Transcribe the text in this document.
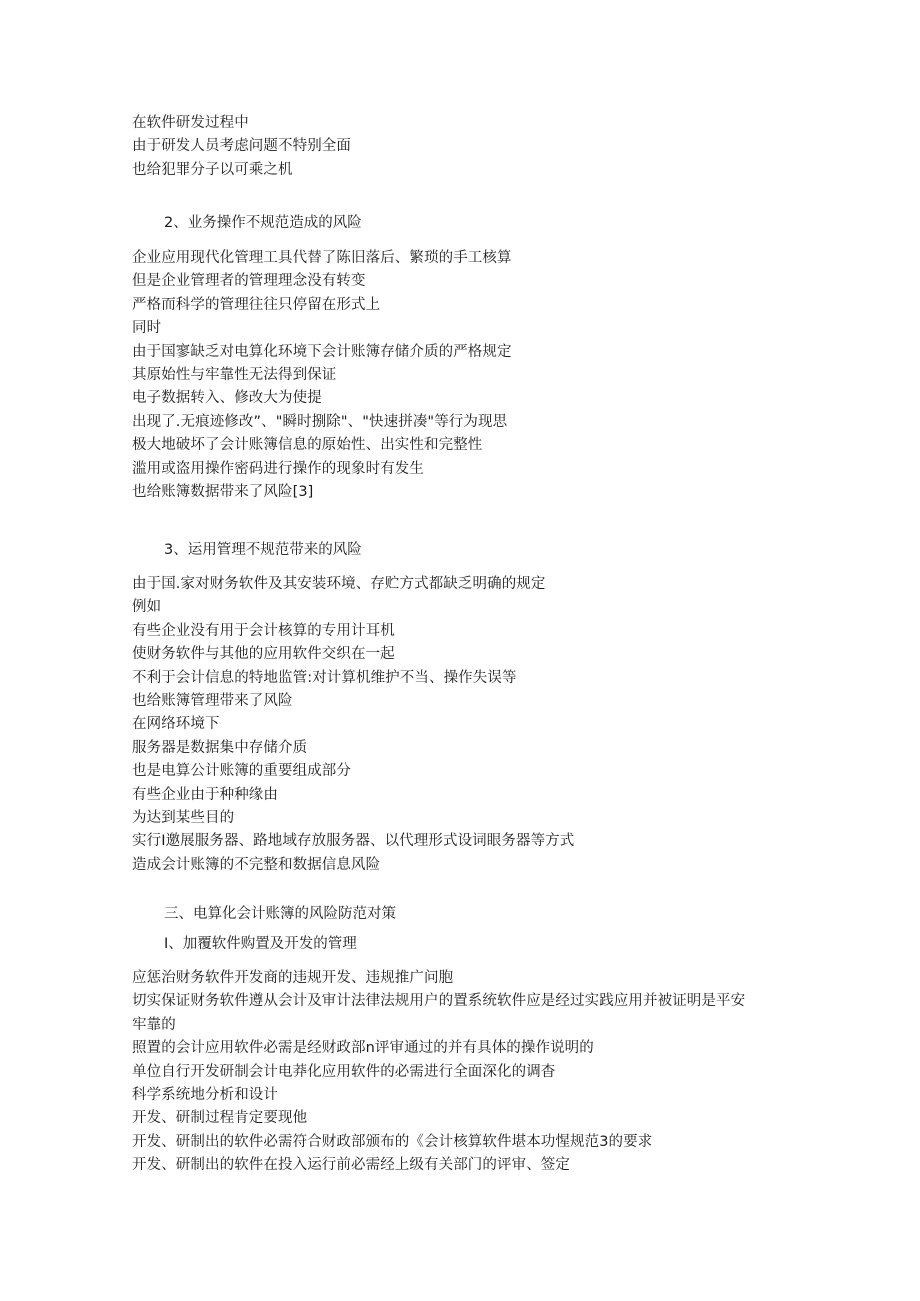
在软件研发过程中
由于研发人员考虑问题不特别全面
也给犯罪分子以可乘之机
2、业务操作不规范造成的风险
企业应用现代化管理工具代替了陈旧落后、繁琐的手工核算
但是企业管理者的管理理念没有转变
严格而科学的管理往往只停留在形式上
同时
由于国寥缺乏对电算化环境下会计账簿存储介质的严格规定
其原始性与牢靠性无法得到保证
电子数据转入、修改大为使提
出现了.无痕迹修改”、"瞬时捌除"、"快速拼凑"等行为现思
极大地破坏了会计账簿信息的原始性、出实性和完整性
滥用或盗用操作密码进行操作的现象时有发生
也给账簿数据带来了风险[3]
3、运用管理不规范带来的风险
由于国.家对财务软件及其安装环境、存贮方式都缺乏明确的规定
例如
有些企业没有用于会计核算的专用计耳机
使财务软件与其他的应用软件交织在一起
不利于会计信息的特地监管:对计算机维护不当、操作失误等
也给账簿管理带来了风险
在网络环境下
服务器是数据集中存储介质
也是电算公计账簿的重要组成部分
有些企业由于种种缘由
为达到某些目的
实行I邀展服务器、路地域存放服务器、以代理形式设词眼务器等方式
造成会计账簿的不完整和数据信息风险
三、电算化会计账簿的风险防范对策
I、加覆软件购置及开发的管理
应惩治财务软件开发商的违规开发、违规推广问胞
切实保证财务软件遵从会计及审计法律法规用户的置系统软件应是经过实践应用并被证明是平安
牢靠的
照置的会计应用软件必需是经财政部n评审通过的并有具体的操作说明的
单位自行开发研制会计电莽化应用软件的必需进行全面深化的调杳
科学系统地分析和设计
开发、研制过程肯定要现他
开发、研制出的软件必需符合财政部颁布的《会计核算软件堪本功惺规范3的要求
开发、研制出的软件在投入运行前必需经上级有关部门的评审、签定
